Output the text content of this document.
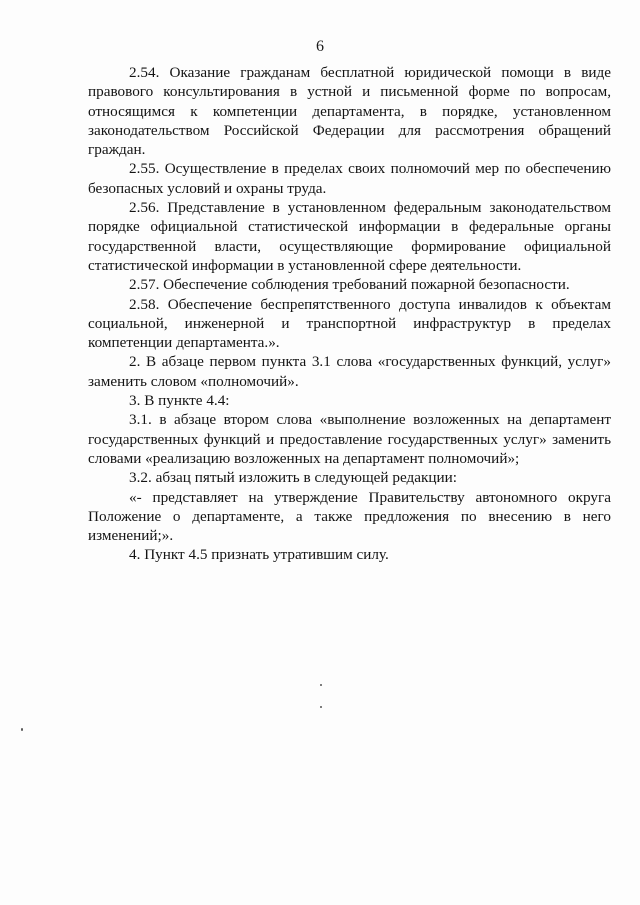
6

2.54. Оказание гражданам бесплатной юридической помощи в виде правового консультирования в устной и письменной форме по вопросам, относящимся к компетенции департамента, в порядке, установленном законодательством Российской Федерации для рассмотрения обращений граждан.

2.55. Осуществление в пределах своих полномочий мер по обеспечению безопасных условий и охраны труда.

2.56. Представление в установленном федеральным законодательством порядке официальной статистической информации в федеральные органы государственной власти, осуществляющие формирование официальной статистической информации в установленной сфере деятельности.

2.57. Обеспечение соблюдения требований пожарной безопасности.

2.58. Обеспечение беспрепятственного доступа инвалидов к объектам социальной, инженерной и транспортной инфраструктур в пределах компетенции департамента.».

2. В абзаце первом пункта 3.1 слова «государственных функций, услуг» заменить словом «полномочий».

3. В пункте 4.4:

3.1. в абзаце втором слова «выполнение возложенных на департамент государственных функций и предоставление государственных услуг» заменить словами «реализацию возложенных на департамент полномочий»;

3.2. абзац пятый изложить в следующей редакции:

«- представляет на утверждение Правительству автономного округа Положение о департаменте, а также предложения по внесению в него изменений;».

4. Пункт 4.5 признать утратившим силу.
